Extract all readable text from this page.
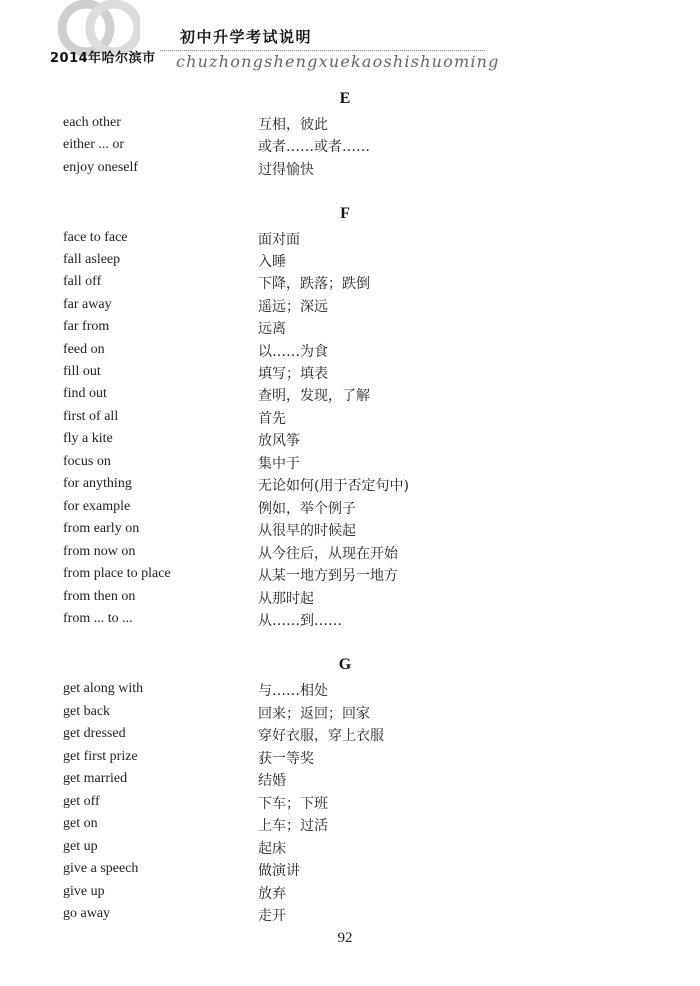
2014年哈尔滨市
初中升学考试说明
chuzhongshengxuekaoshishuoming
E
each other	互相，彼此
either ... or	或者……或者……
enjoy oneself	过得愉快
F
face to face	面对面
fall asleep	入睡
fall off	下降，跌落；跌倒
far away	遥远；深远
far from	远离
feed on	以……为食
fill out	填写；填表
find out	查明，发现，了解
first of all	首先
fly a kite	放风筝
focus on	集中于
for anything	无论如何(用于否定句中)
for example	例如，举个例子
from early on	从很早的时候起
from now on	从今往后，从现在开始
from place to place	从某一地方到另一地方
from then on	从那时起
from ... to ...	从……到……
G
get along with	与……相处
get back	回来；返回；回家
get dressed	穿好衣服，穿上衣服
get first prize	获一等奖
get married	结婚
get off	下车；下班
get on	上车；过活
get up	起床
give a speech	做演讲
give up	放弃
go away	走开
92
